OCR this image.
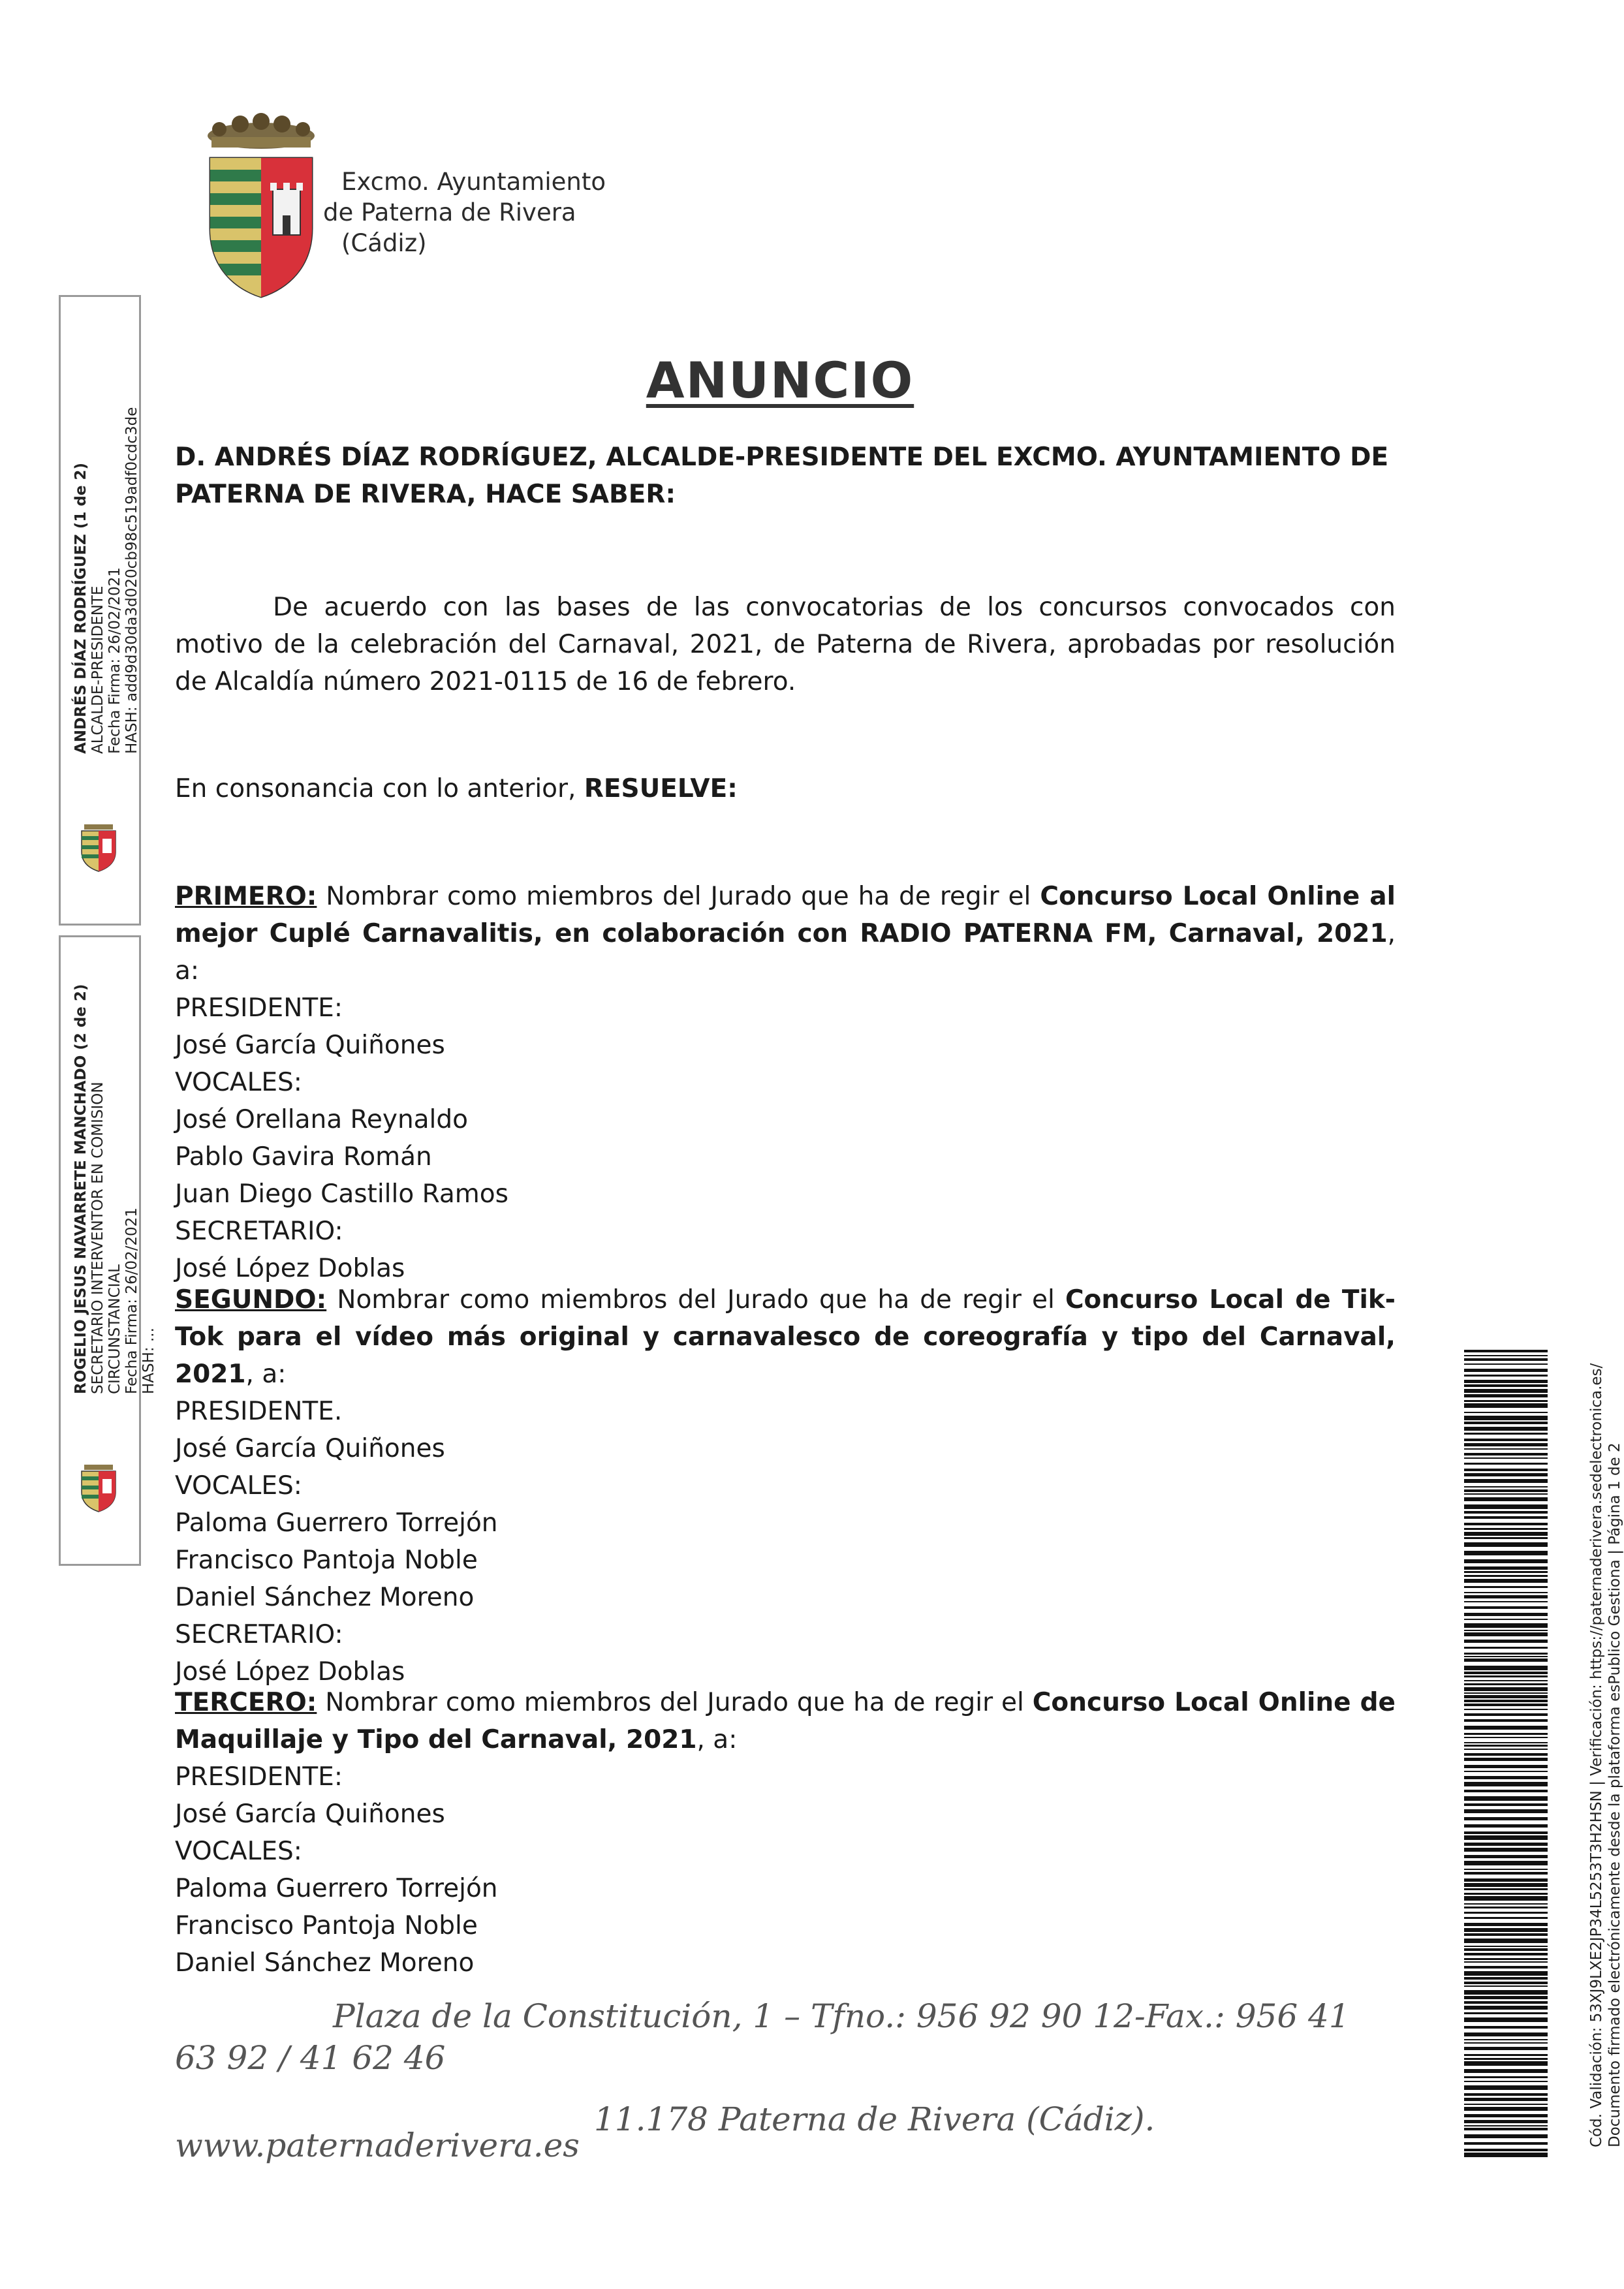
Excmo. Ayuntamiento
de Paterna de Rivera
(Cádiz)
ANUNCIO
D. ANDRÉS DÍAZ RODRÍGUEZ, ALCALDE-PRESIDENTE DEL EXCMO. AYUNTAMIENTO DE PATERNA DE RIVERA, HACE SABER:

De acuerdo con las bases de las convocatorias de los concursos convocados con motivo de la celebración del Carnaval, 2021, de Paterna de Rivera, aprobadas por resolución de Alcaldía número 2021-0115 de 16 de febrero.

En consonancia con lo anterior, RESUELVE:

PRIMERO: Nombrar como miembros del Jurado que ha de regir el Concurso Local Online al mejor Cuplé Carnavalitis, en colaboración con RADIO PATERNA FM, Carnaval, 2021, a:

PRESIDENTE:
José García Quiñones
VOCALES:
José Orellana Reynaldo
Pablo Gavira Román
Juan Diego Castillo Ramos
SECRETARIO:
José López Doblas

SEGUNDO: Nombrar como miembros del Jurado que ha de regir el Concurso Local de Tik-Tok para el vídeo más original y carnavalesco de coreografía y tipo del Carnaval, 2021, a:

PRESIDENTE.
José García Quiñones
VOCALES:
Paloma Guerrero Torrejón
Francisco Pantoja Noble
Daniel Sánchez Moreno
SECRETARIO:
José López Doblas

TERCERO: Nombrar como miembros del Jurado que ha de regir el Concurso Local Online de Maquillaje y Tipo del Carnaval, 2021, a:

PRESIDENTE:
José García Quiñones
VOCALES:
Paloma Guerrero Torrejón
Francisco Pantoja Noble
Daniel Sánchez Moreno
Plaza de la Constitución, 1 – Tfno.: 956 92 90 12-Fax.: 956 41
63 92 / 41 62 46
11.178 Paterna de Rivera (Cádiz).
www.paternaderivera.es
ANDRÉS DÍAZ RODRÍGUEZ (1 de 2) ALCALDE-PRESIDENTE Fecha Firma: 26/02/2021 HASH: add9d30da3d020cb98c519adf0cdc3de
ROGELIO JESUS NAVARRETE MANCHADO (2 de 2) SECRETARIO INTERVENTOR EN COMISION CIRCUNSTANCIAL Fecha Firma: 26/02/2021 HASH: ...
Cód. Validación: 53XJ9LXE2JP34L5253T3H2HSN | Verificación: https://paternaderivera.sedelectronica.es/ Documento firmado electrónicamente desde la plataforma esPublico Gestiona | Página 1 de 2
